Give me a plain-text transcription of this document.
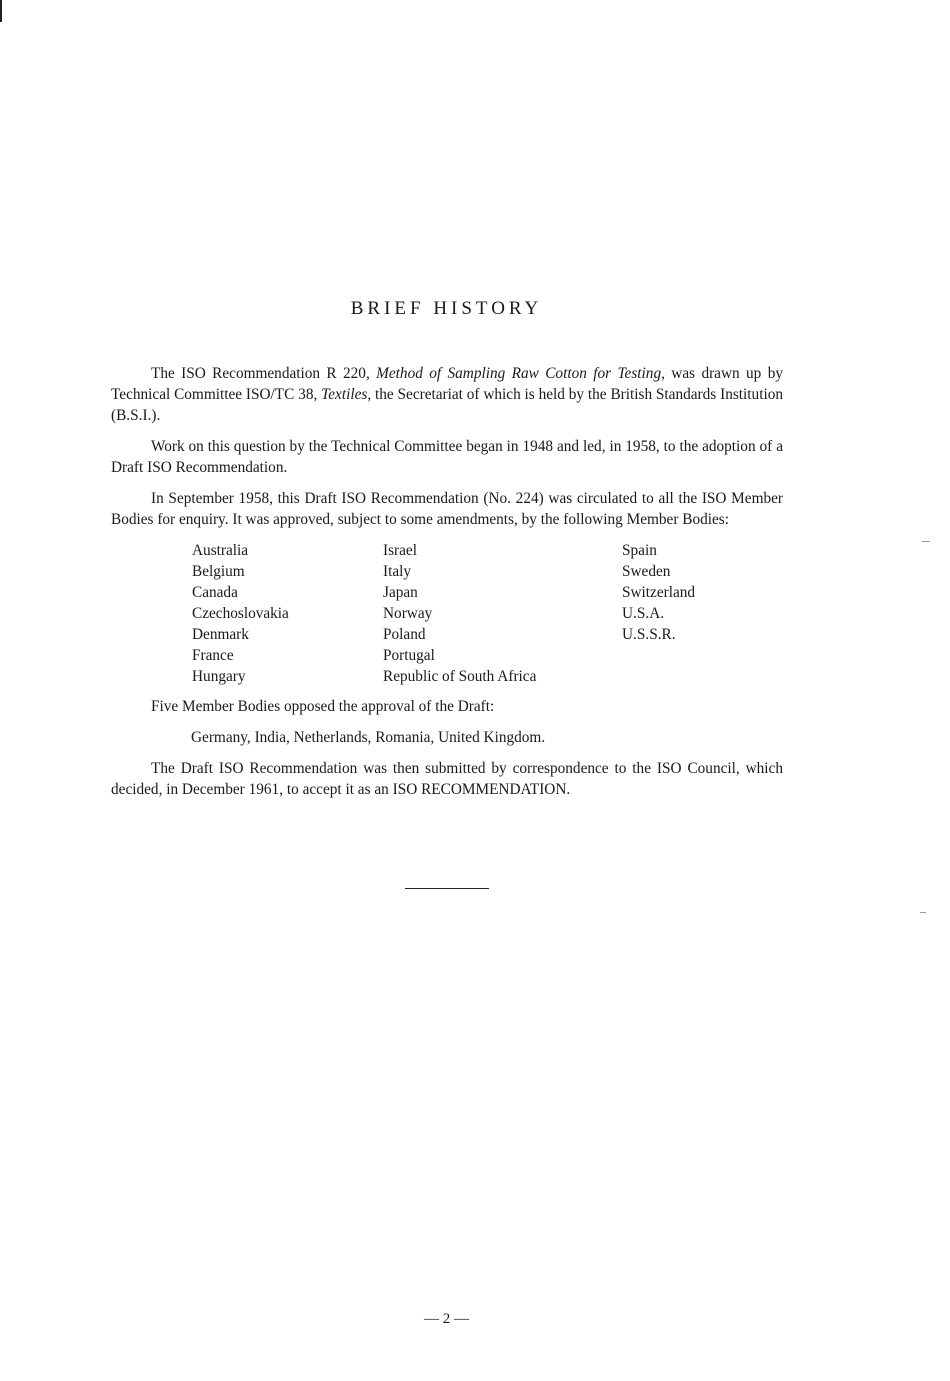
BRIEF HISTORY

The ISO Recommendation R 220, Method of Sampling Raw Cotton for Testing, was drawn up by Technical Committee ISO/TC 38, Textiles, the Secretariat of which is held by the British Standards Institution (B.S.I.).

Work on this question by the Technical Committee began in 1948 and led, in 1958, to the adoption of a Draft ISO Recommendation.

In September 1958, this Draft ISO Recommendation (No. 224) was circulated to all the ISO Member Bodies for enquiry. It was approved, subject to some amendments, by the following Member Bodies:

Australia
Belgium
Canada
Czechoslovakia
Denmark
France
Hungary
Israel
Italy
Japan
Norway
Poland
Portugal
Republic of South Africa
Spain
Sweden
Switzerland
U.S.A.
U.S.S.R.

Five Member Bodies opposed the approval of the Draft:

Germany, India, Netherlands, Romania, United Kingdom.

The Draft ISO Recommendation was then submitted by correspondence to the ISO Council, which decided, in December 1961, to accept it as an ISO RECOMMENDATION.

— 2 —
